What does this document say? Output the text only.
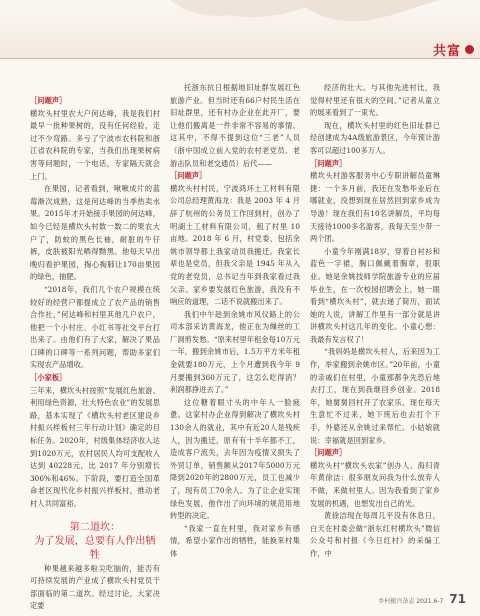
共富
［问题声］
横坎头村里农大户何达峰，我是我们村最早一批种果树的，没有任何经验，走过不少弯路。多亏了宁波市农科院和浙江省农科院的专家，当我们出现果树病害等问题时，一个电话，专家隔天就会上门。
在果园，记者看到，啾啾成片的蓝莓渐次成熟，这是何达峰的当季热卖水果。2015年才开始接手果园的何达峰，如今已经是横坎头村数一数二的果农大户了，防蚊的黑色长袖，耐脏的牛仔裤，皮肤被阳光晒得黝黑。他每天早出晚归看护果园，掏心掏肺让170亩果园的绿色，抽肥。
“2018年，我们几个农户规模在统较好的经营户都提成立了农产品的销售合作社，”何达峰和村里其他几户农户，他把一个小村庄、小红书等社交平台打出来了。由他们有了大家，解决了果品口碑的口碑等一系列问题，帮助多家们实现农产品增收。
［小家板］
三年来，横坎头村按照“发展红色旅游、利用绿色资源，壮大特色农业”的发展思路，基本实现了《横坎头村老区建设乡村振兴样板村三年行动计划》确定的目标任务。2020年，村级集体经济收入达到1020万元，农村居民人均可支配收入达到 40228元，比 2017 年分别增长 306%和46%。下阶段，要打造全国革命老区现代化乡村振兴样板村，推动老村人共同富裕。
第二道坎：
为了发展，总要有人作出牺牲
种果越来越多啦尖吃脑的，能否有可持续发展的产业成了横坎头村党员干部面临的第二道坎。经过讨论，大家决定要
托浙东抗日根据地旧址群发展红色旅游产业。但当时还有66户村民生活在旧址群里，还有村办企业在此开厂，要让他们搬离是一件非常不容易的事情。这其中，不得不提到这位“三老”人员（浙中国成立前入党的农村老党员、老游击队员和老交通员）后代——
［问题声］
横坎头村村民，宁波鸿环土工材料有限公司总经理黄海龙：我是 2003 年 4 月辞了杭州的公务员工作回到村，创办了明湖土工材料有限公司，租了村里 10 亩地。2018 年 6 月，村党委，包括余姚市领导都上我家动员我搬迁。我家长辈也是党员，但我父亲是 1945 年从入党的老党员，总书记当年到我家看过我父亲。家乡要发展红色旅游，我没有不响应的道理，二话不说就搬出来了。
我们中午趁到余姚市风仪路上的公司本部采访黄海龙，他正在为缫丝的工厂洞剪发愁。“原来村里年租金每10万元一年，搬到余姚市后，1.5万平方米年租金就要180万元，上个月遭到我今年 9 月要搬到360万元了，这怎么吃得消？利润都挣进去了。”
这位糖着眼寸头的中年人一脸疲惫。这家村办企业得到解决了横坎头村130余人的就业，其中有近20人是残疾人，因为搬迁，原有有十半年都不工，造成客户流失，去年因为疫情又损失了外贸订单，销售额从2017年5000万元降到2020年的2800万元，员工也减少了，现有员工70余人。为了让企业实现绿色发展，他作出了向环境的规范用地转型的决定。
“我家一直在村里，我对家乡有感情，希望小家作出的牺牲，能换来村集体
经济的壮大。与其他先进村比，我觉得村里还有很大的空间。”记者从童立的展来看到了一束光。
现在，横坎头村里的红色旧址群已经创建成为4A级旅游景区，今年预计游客可以超过100多万人。
［问题声］
横坎头村游客服务中心专职讲解员童琳捷：一个多月前，我还在发愁毕业后在哪就业，没想到现在居然回到家乡成为导游！现在我们有10名讲解员，平均每天接待1000多名游客，我每天至少带一两个团。
小童今年刚满18岁，穿着白衬衫和蓝色一字裙，胸口佩戴着胸章，很职业。她是余姚技师学院旅游专业的应届毕业生，在一次校园招聘会上，她一眼看到“横坎头村”，就去递了简历，面试她的人说，讲解工作里有一部分就是讲讲横坎头村这几年的变化。小童心想：我最有发言权了！
“我妈妈是横坎头村人，后来因为工作，举家搬到余姚市区。”20年前，小童的亲戚们在村里，小童那都争先恐后地去打工，现在到我继回乡创业。2018年，她舅舅回村开了农家乐，现在每天生意忙不过来，她下班后也去打个下手，外婆还从余姚过来帮忙。小姑娘就说：幸福就是回到家乡。
［问题声］
横坎头村“横坎头农家”创办人、海归青年黄徐洁：很多朋友问我为什么放弃人不做，来做村里人。因为我看到了家乡发展的机遇，也想发出自己的光。
黄徐洁现在每周几平没有休息日，白天在村委会做“浙东红村横坎头”微信公众号和村报《今日红村》的采编工作，中
乡村振兴杂志 2021.6-7 71
